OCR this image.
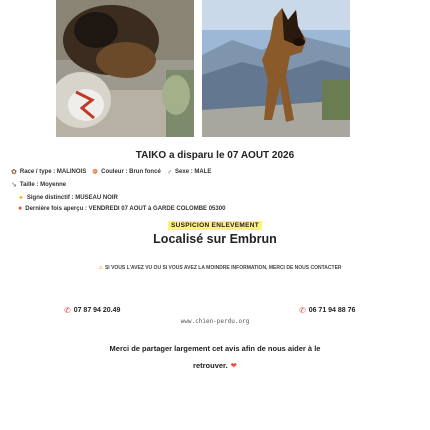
TAIKO a disparu le 07 AOUT 2026
✿ Race / type : MALINOIS ❁ Couleur : Brun foncé ♂ Sexe : MALE
↘ Taille : Moyenne
✦ Signe distinctif : MUSEAU NOIR
● Dernière fois aperçu : VENDREDI 07 AOUT à GARDE COLOMBE 05300
SUSPICION ENLEVEMENT
Localisé sur Embrun
⚠ SI VOUS L'AVEZ VU OU SI VOUS AVEZ LA MOINDRE INFORMATION, MERCI DE NOUS CONTACTER
✆ 07 87 94 20.49	✆ 06 71 94 88 76
www.chien-perdu.org
Merci de partager largement cet avis afin de nous aider à le
retrouver. ❤
